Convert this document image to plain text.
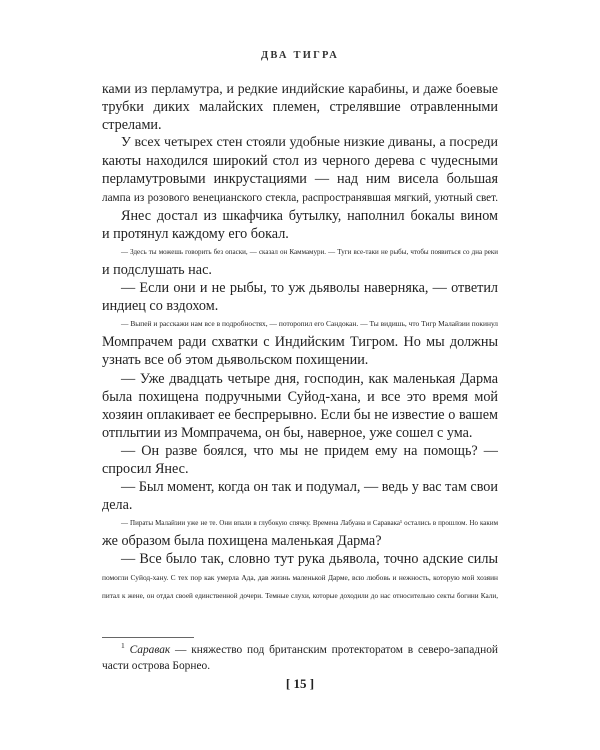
ДВА ТИГРА
ками из перламутра, и редкие индийские карабины, и даже боевые
трубки диких малайских племен, стрелявшие отравленными
стрелами.
У всех четырех стен стояли удобные низкие диваны, а посреди
каюты находился широкий стол из черного дерева с чудесными
перламутровыми инкрустациями — над ним висела большая
лампа из розового венецианского стекла, распространявшая мягкий, уютный свет.
Янес достал из шкафчика бутылку, наполнил бокалы вином
и протянул каждому его бокал.
— Здесь ты можешь говорить без опаски, — сказал он Каммамури. — Туги все-таки не рыбы, чтобы появиться со дна реки
и подслушать нас.
— Если они и не рыбы, то уж дьяволы наверняка, — ответил
индиец со вздохом.
— Выпей и расскажи нам все в подробностях, — поторопил его Сандокан. — Ты видишь, что Тигр Малайзии покинул
Момпрачем ради схватки с Индийским Тигром. Но мы должны
узнать все об этом дьявольском похищении.
— Уже двадцать четыре дня, господин, как маленькая Дарма
была похищена подручными Суйод-хана, и все это время мой
хозяин оплакивает ее беспрерывно. Если бы не известие о вашем
отплытии из Момпрачема, он бы, наверное, уже сошел с ума.
— Он разве боялся, что мы не придем ему на помощь? —
спросил Янес.
— Был момент, когда он так и подумал, — ведь у вас там свои
дела.
— Пираты Малайзии уже не те. Они впали в глубокую спячку. Времена Лабуана и Саравака¹ остались в прошлом. Но каким
же образом была похищена маленькая Дарма?
— Все было так, словно тут рука дьявола, точно адские силы
помогли Суйод-хану. С тех пор как умерла Ада, дав жизнь маленькой Дарме, всю любовь и нежность, которую мой хозяин
питал к жене, он отдал своей единственной дочери. Темные слухи, которые доходили до нас относительно секты богини Кали,
$^1$ Саравак — княжество под британским протекторатом в северо-западной
части острова Борнео.
[ 15 ]
